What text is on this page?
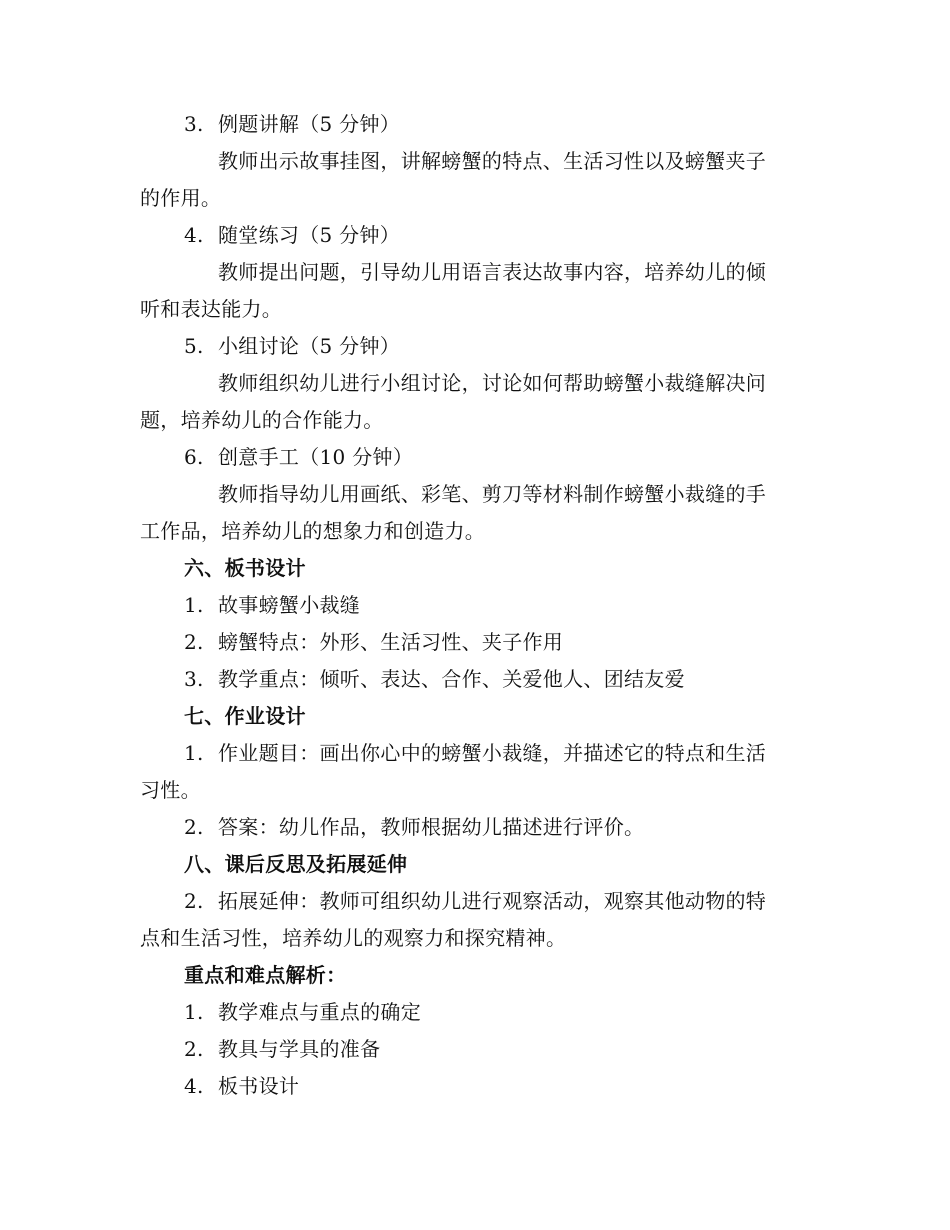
3. 例题讲解（5 分钟）
教师出示故事挂图，讲解螃蟹的特点、生活习性以及螃蟹夹子
的作用。
4. 随堂练习（5 分钟）
教师提出问题，引导幼儿用语言表达故事内容，培养幼儿的倾
听和表达能力。
5. 小组讨论（5 分钟）
教师组织幼儿进行小组讨论，讨论如何帮助螃蟹小裁缝解决问
题，培养幼儿的合作能力。
6. 创意手工（10 分钟）
教师指导幼儿用画纸、彩笔、剪刀等材料制作螃蟹小裁缝的手
工作品，培养幼儿的想象力和创造力。
六、板书设计
1. 故事螃蟹小裁缝
2. 螃蟹特点：外形、生活习性、夹子作用
3. 教学重点：倾听、表达、合作、关爱他人、团结友爱
七、作业设计
1. 作业题目：画出你心中的螃蟹小裁缝，并描述它的特点和生活
习性。
2. 答案：幼儿作品，教师根据幼儿描述进行评价。
八、课后反思及拓展延伸
2. 拓展延伸：教师可组织幼儿进行观察活动，观察其他动物的特
点和生活习性，培养幼儿的观察力和探究精神。
重点和难点解析：
1. 教学难点与重点的确定
2. 教具与学具的准备
4. 板书设计
